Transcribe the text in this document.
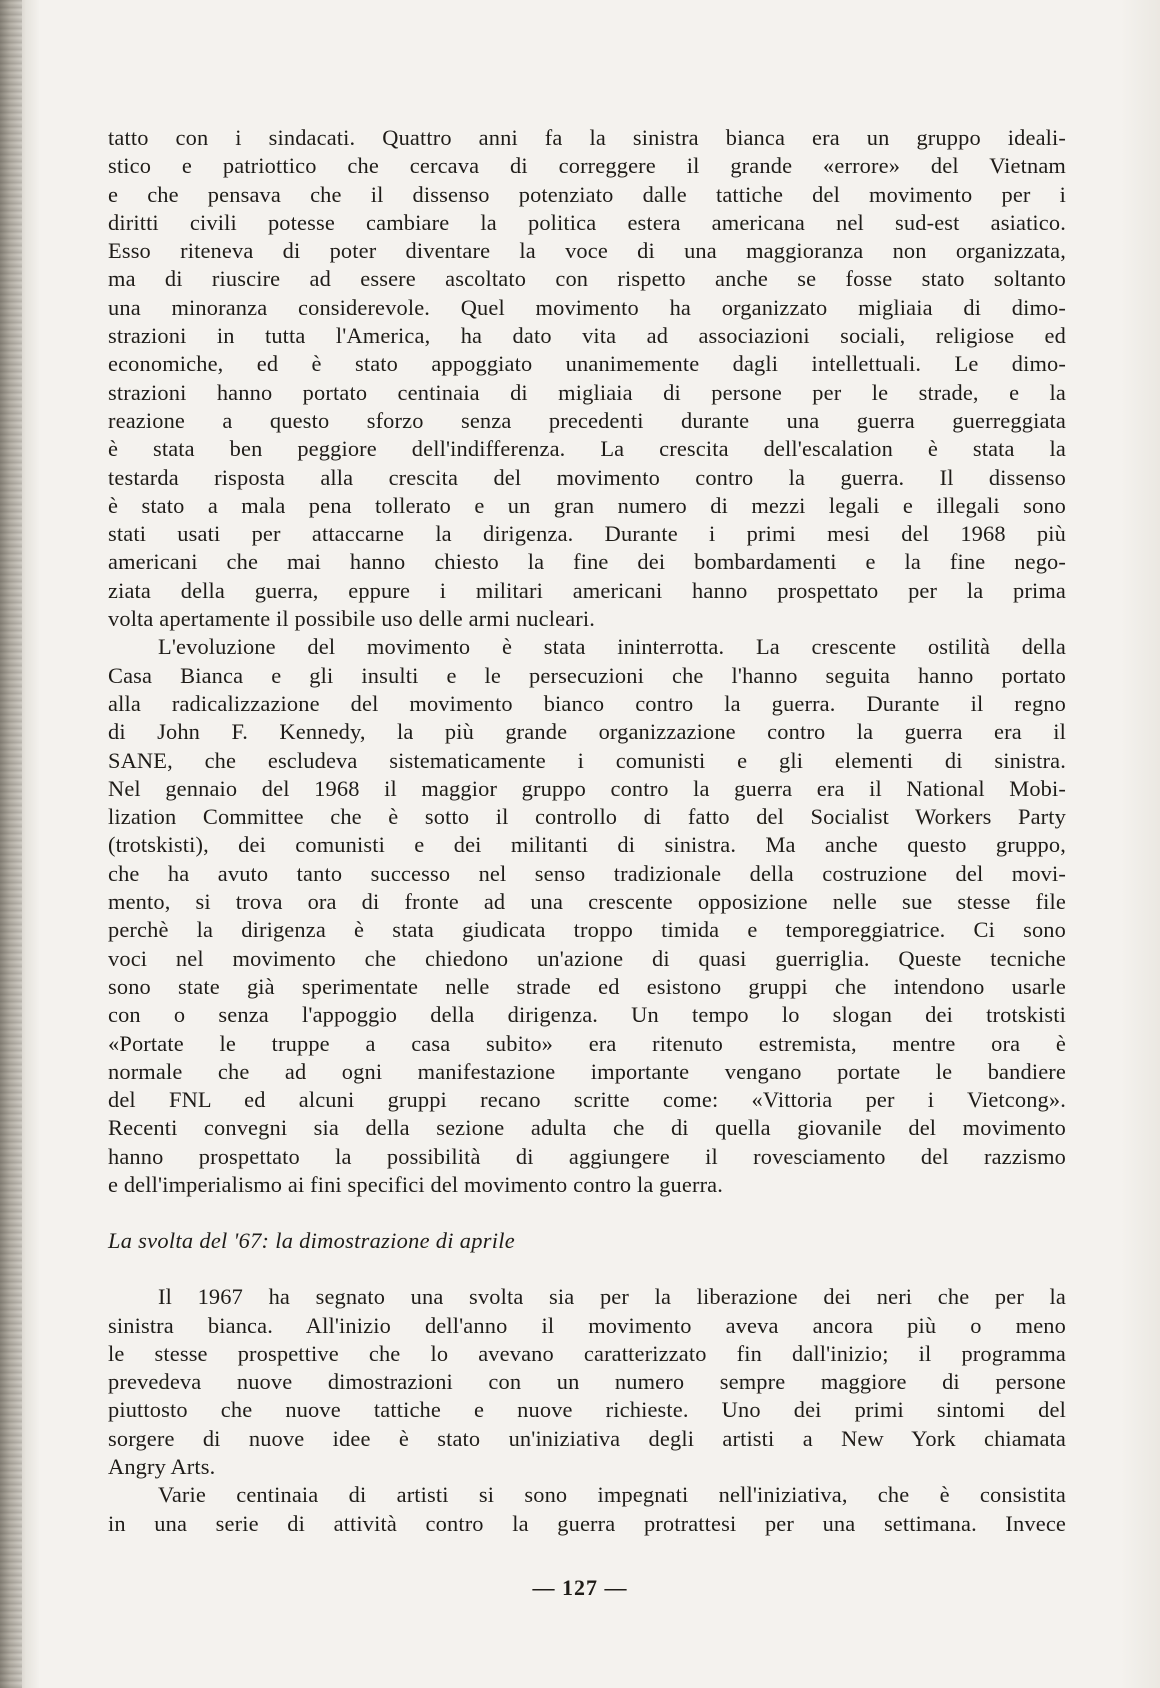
tatto con i sindacati. Quattro anni fa la sinistra bianca era un gruppo ideali-
stico e patriottico che cercava di correggere il grande «errore» del Vietnam
e che pensava che il dissenso potenziato dalle tattiche del movimento per i
diritti civili potesse cambiare la politica estera americana nel sud-est asiatico.
Esso riteneva di poter diventare la voce di una maggioranza non organizzata,
ma di riuscire ad essere ascoltato con rispetto anche se fosse stato soltanto
una minoranza considerevole. Quel movimento ha organizzato migliaia di dimo-
strazioni in tutta l'America, ha dato vita ad associazioni sociali, religiose ed
economiche, ed è stato appoggiato unanimemente dagli intellettuali. Le dimo-
strazioni hanno portato centinaia di migliaia di persone per le strade, e la
reazione a questo sforzo senza precedenti durante una guerra guerreggiata
è stata ben peggiore dell'indifferenza. La crescita dell'escalation è stata la
testarda risposta alla crescita del movimento contro la guerra. Il dissenso
è stato a mala pena tollerato e un gran numero di mezzi legali e illegali sono
stati usati per attaccarne la dirigenza. Durante i primi mesi del 1968 più
americani che mai hanno chiesto la fine dei bombardamenti e la fine nego-
ziata della guerra, eppure i militari americani hanno prospettato per la prima
volta apertamente il possibile uso delle armi nucleari.
L'evoluzione del movimento è stata ininterrotta. La crescente ostilità della
Casa Bianca e gli insulti e le persecuzioni che l'hanno seguita hanno portato
alla radicalizzazione del movimento bianco contro la guerra. Durante il regno
di John F. Kennedy, la più grande organizzazione contro la guerra era il
SANE, che escludeva sistematicamente i comunisti e gli elementi di sinistra.
Nel gennaio del 1968 il maggior gruppo contro la guerra era il National Mobi-
lization Committee che è sotto il controllo di fatto del Socialist Workers Party
(trotskisti), dei comunisti e dei militanti di sinistra. Ma anche questo gruppo,
che ha avuto tanto successo nel senso tradizionale della costruzione del movi-
mento, si trova ora di fronte ad una crescente opposizione nelle sue stesse file
perchè la dirigenza è stata giudicata troppo timida e temporeggiatrice. Ci sono
voci nel movimento che chiedono un'azione di quasi guerriglia. Queste tecniche
sono state già sperimentate nelle strade ed esistono gruppi che intendono usarle
con o senza l'appoggio della dirigenza. Un tempo lo slogan dei trotskisti
«Portate le truppe a casa subito» era ritenuto estremista, mentre ora è
normale che ad ogni manifestazione importante vengano portate le bandiere
del FNL ed alcuni gruppi recano scritte come: «Vittoria per i Vietcong».
Recenti convegni sia della sezione adulta che di quella giovanile del movimento
hanno prospettato la possibilità di aggiungere il rovesciamento del razzismo
e dell'imperialismo ai fini specifici del movimento contro la guerra.
La svolta del '67: la dimostrazione di aprile
Il 1967 ha segnato una svolta sia per la liberazione dei neri che per la
sinistra bianca. All'inizio dell'anno il movimento aveva ancora più o meno
le stesse prospettive che lo avevano caratterizzato fin dall'inizio; il programma
prevedeva nuove dimostrazioni con un numero sempre maggiore di persone
piuttosto che nuove tattiche e nuove richieste. Uno dei primi sintomi del
sorgere di nuove idee è stato un'iniziativa degli artisti a New York chiamata
Angry Arts.
Varie centinaia di artisti si sono impegnati nell'iniziativa, che è consistita
in una serie di attività contro la guerra protrattesi per una settimana. Invece
— 127 —
